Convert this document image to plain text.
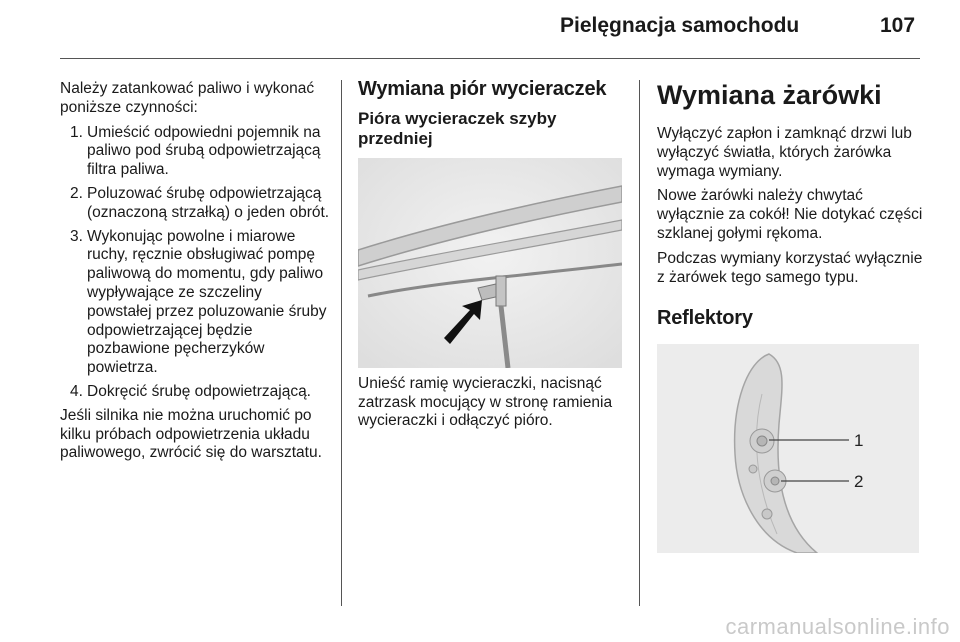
Pielęgnacja samochodu	107

Należy zatankować paliwo i wykonać poniższe czynności:

1. Umieścić odpowiedni pojemnik na paliwo pod śrubą odpowietrzającą filtra paliwa.
2. Poluzować śrubę odpowietrzającą (oznaczoną strzałką) o jeden obrót.
3. Wykonując powolne i miarowe ruchy, ręcznie obsługiwać pompę paliwową do momentu, gdy paliwo wypływające ze szczeliny powstałej przez poluzowanie śruby odpowietrzającej będzie pozbawione pęcherzyków powietrza.
4. Dokręcić śrubę odpowietrzającą.

Jeśli silnika nie można uruchomić po kilku próbach odpowietrzenia układu paliwowego, zwrócić się do warsztatu.

Wymiana piór wycieraczek
Pióra wycieraczek szyby przedniej

Unieść ramię wycieraczki, nacisnąć zatrzask mocujący w stronę ramienia wycieraczki i odłączyć pióro.

Wymiana żarówki

Wyłączyć zapłon i zamknąć drzwi lub wyłączyć światła, których żarówka wymaga wymiany.

Nowe żarówki należy chwytać wyłącznie za cokół! Nie dotykać części szklanej gołymi rękoma.

Podczas wymiany korzystać wyłącznie z żarówek tego samego typu.

Reflektory
1
2
carmanualsonline.info
